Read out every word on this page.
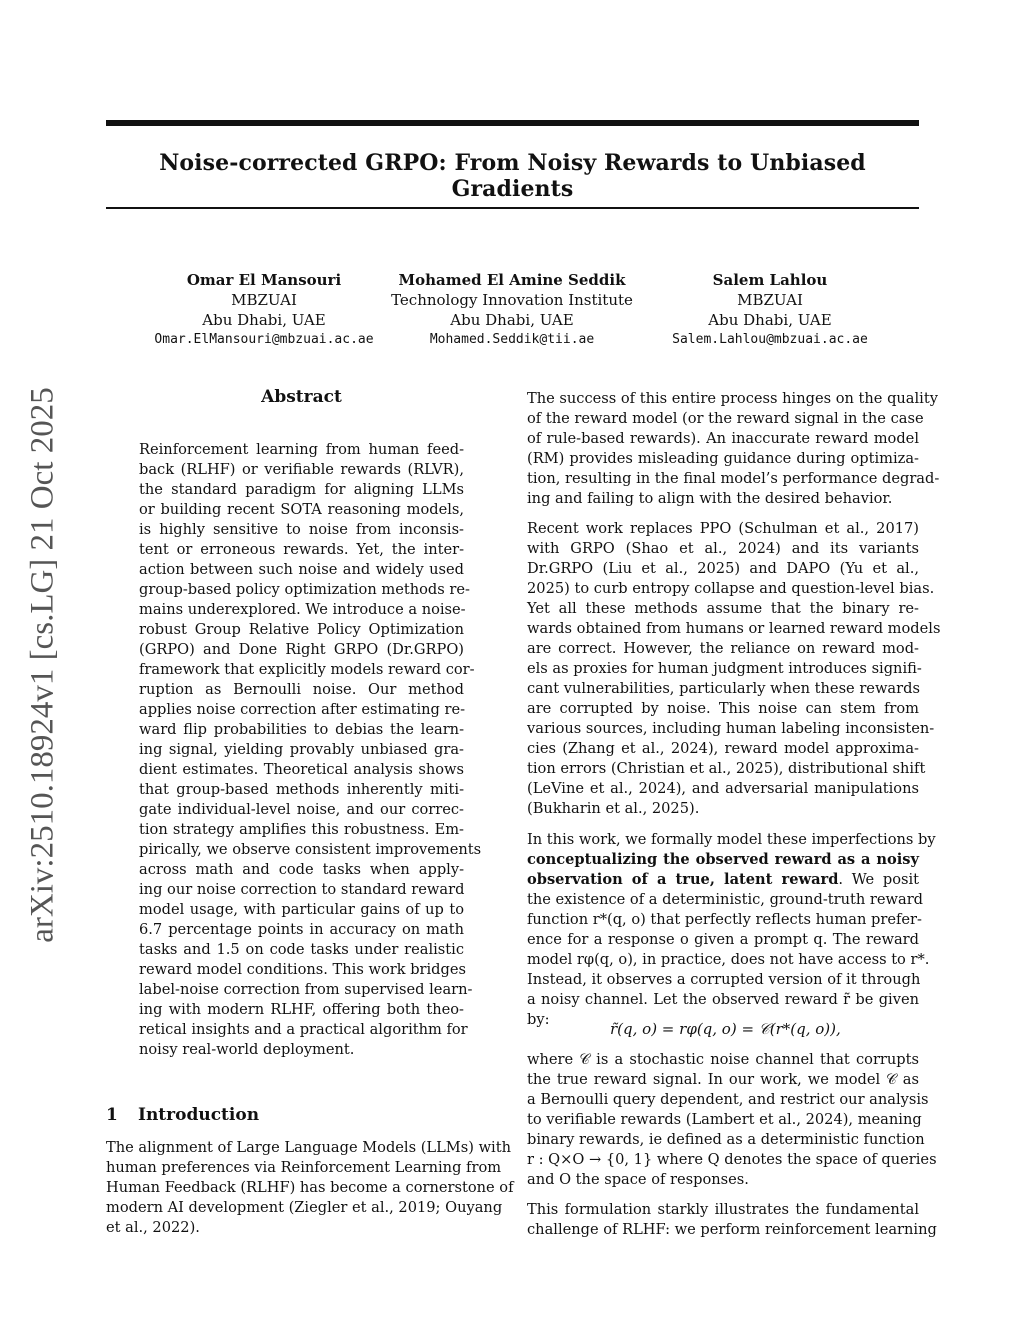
Noise-corrected GRPO: From Noisy Rewards to Unbiased Gradients
Omar El Mansouri
MBZUAI
Abu Dhabi, UAE
Omar.ElMansouri@mbzuai.ac.ae
Mohamed El Amine Seddik
Technology Innovation Institute
Abu Dhabi, UAE
Mohamed.Seddik@tii.ae
Salem Lahlou
MBZUAI
Abu Dhabi, UAE
Salem.Lahlou@mbzuai.ac.ae
arXiv:2510.18924v1 [cs.LG] 21 Oct 2025	Abstract
Reinforcement learning from human feed-
back (RLHF) or verifiable rewards (RLVR),
the standard paradigm for aligning LLMs
or building recent SOTA reasoning models,
is highly sensitive to noise from inconsis-
tent or erroneous rewards. Yet, the inter-
action between such noise and widely used
group-based policy optimization methods re-
mains underexplored. We introduce a noise-
robust Group Relative Policy Optimization
(GRPO) and Done Right GRPO (Dr.GRPO)
framework that explicitly models reward cor-
ruption as Bernoulli noise. Our method
applies noise correction after estimating re-
ward flip probabilities to debias the learn-
ing signal, yielding provably unbiased gra-
dient estimates. Theoretical analysis shows
that group-based methods inherently miti-
gate individual-level noise, and our correc-
tion strategy amplifies this robustness. Em-
pirically, we observe consistent improvements
across math and code tasks when apply-
ing our noise correction to standard reward
model usage, with particular gains of up to
6.7 percentage points in accuracy on math
tasks and 1.5 on code tasks under realistic
reward model conditions. This work bridges
label-noise correction from supervised learn-
ing with modern RLHF, offering both theo-
retical insights and a practical algorithm for
noisy real-world deployment.
1 Introduction
The alignment of Large Language Models (LLMs) with
human preferences via Reinforcement Learning from
Human Feedback (RLHF) has become a cornerstone of
modern AI development (Ziegler et al., 2019; Ouyang
et al., 2022).
The success of this entire process hinges on the quality
of the reward model (or the reward signal in the case
of rule-based rewards). An inaccurate reward model
(RM) provides misleading guidance during optimiza-
tion, resulting in the final model’s performance degrad-
ing and failing to align with the desired behavior.
Recent work replaces PPO (Schulman et al., 2017)
with GRPO (Shao et al., 2024) and its variants
Dr.GRPO (Liu et al., 2025) and DAPO (Yu et al.,
2025) to curb entropy collapse and question-level bias.
Yet all these methods assume that the binary re-
wards obtained from humans or learned reward models
are correct. However, the reliance on reward mod-
els as proxies for human judgment introduces signifi-
cant vulnerabilities, particularly when these rewards
are corrupted by noise. This noise can stem from
various sources, including human labeling inconsisten-
cies (Zhang et al., 2024), reward model approxima-
tion errors (Christian et al., 2025), distributional shift
(LeVine et al., 2024), and adversarial manipulations
(Bukharin et al., 2025).
In this work, we formally model these imperfections by
conceptualizing the observed reward as a noisy
observation of a true, latent reward. We posit
the existence of a deterministic, ground-truth reward
function r*(q, o) that perfectly reflects human prefer-
ence for a response o given a prompt q. The reward
model rφ(q, o), in practice, does not have access to r*.
Instead, it observes a corrupted version of it through
a noisy channel. Let the observed reward r̃ be given
by:
r̃(q, o) = rφ(q, o) = 𝒞(r*(q, o)),
where 𝒞 is a stochastic noise channel that corrupts
the true reward signal. In our work, we model 𝒞 as
a Bernoulli query dependent, and restrict our analysis
to verifiable rewards (Lambert et al., 2024), meaning
binary rewards, ie defined as a deterministic function
r : Q×O → {0, 1} where Q denotes the space of queries
and O the space of responses.
This formulation starkly illustrates the fundamental
challenge of RLHF: we perform reinforcement learning
